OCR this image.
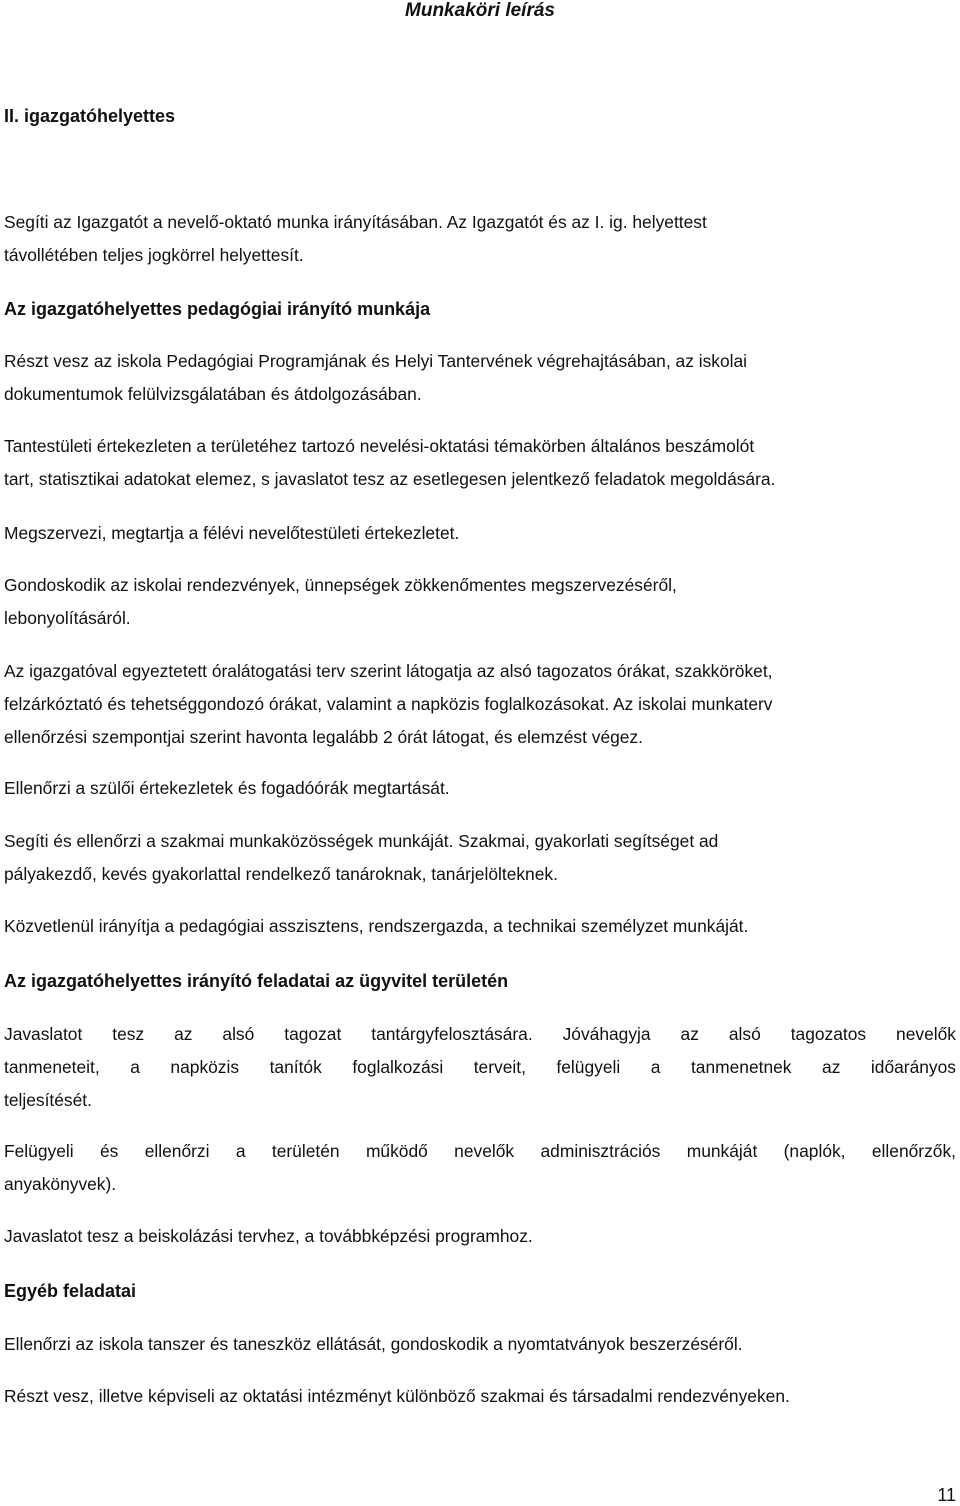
Munkaköri leírás
II. igazgatóhelyettes
Segíti az Igazgatót a nevelő-oktató munka irányításában. Az Igazgatót és az I. ig. helyettest
távollétében teljes jogkörrel helyettesít.
Az igazgatóhelyettes pedagógiai irányító munkája
Részt vesz az iskola Pedagógiai Programjának és Helyi Tantervének végrehajtásában, az iskolai
dokumentumok felülvizsgálatában és átdolgozásában.
Tantestületi értekezleten a területéhez tartozó nevelési-oktatási témakörben általános beszámolót
tart, statisztikai adatokat elemez, s javaslatot tesz az esetlegesen jelentkező feladatok megoldására.
Megszervezi, megtartja a félévi nevelőtestületi értekezletet.
Gondoskodik az iskolai rendezvények, ünnepségek zökkenőmentes megszervezéséről,
lebonyolításáról.
Az igazgatóval egyeztetett óralátogatási terv szerint látogatja az alsó tagozatos órákat, szakköröket,
felzárkóztató és tehetséggondozó órákat, valamint a napközis foglalkozásokat. Az iskolai munkaterv
ellenőrzési szempontjai szerint havonta legalább 2 órát látogat, és elemzést végez.
Ellenőrzi a szülői értekezletek és fogadóórák megtartását.
Segíti és ellenőrzi a szakmai munkaközösségek munkáját. Szakmai, gyakorlati segítséget ad
pályakezdő, kevés gyakorlattal rendelkező tanároknak, tanárjelölteknek.
Közvetlenül irányítja a pedagógiai asszisztens, rendszergazda, a technikai személyzet munkáját.
Az igazgatóhelyettes irányító feladatai az ügyvitel területén
Javaslatot tesz az alsó tagozat tantárgyfelosztására. Jóváhagyja az alsó tagozatos nevelők
tanmeneteit, a napközis tanítók foglalkozási terveit, felügyeli a tanmenetnek az időarányos
teljesítését.
Felügyeli és ellenőrzi a területén működő nevelők adminisztrációs munkáját (naplók, ellenőrzők,
anyakönyvek).
Javaslatot tesz a beiskolázási tervhez, a továbbképzési programhoz.
Egyéb feladatai
Ellenőrzi az iskola tanszer és taneszköz ellátását, gondoskodik a nyomtatványok beszerzéséről.
Részt vesz, illetve képviseli az oktatási intézményt különböző szakmai és társadalmi rendezvényeken.
11
